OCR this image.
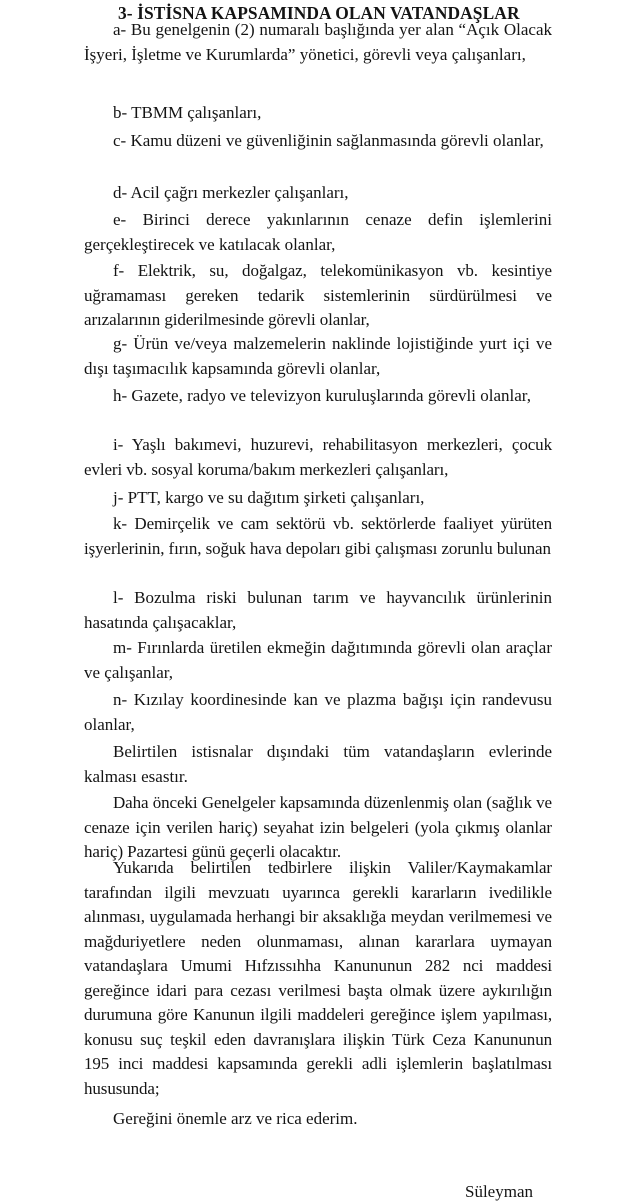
3- İSTİSNA KAPSAMINDA OLAN VATANDAŞLAR

a- Bu genelgenin (2) numaralı başlığında yer alan “Açık Olacak İşyeri, İşletme ve Kurumlarda” yönetici, görevli veya çalışanları,

b- TBMM çalışanları,

c- Kamu düzeni ve güvenliğinin sağlanmasında görevli olanlar,

d- Acil çağrı merkezler çalışanları,

e- Birinci derece yakınlarının cenaze defin işlemlerini gerçekleştirecek ve katılacak olanlar,

f- Elektrik, su, doğalgaz, telekomünikasyon vb. kesintiye uğramaması gereken tedarik sistemlerinin sürdürülmesi ve arızalarının giderilmesinde görevli olanlar,

g- Ürün ve/veya malzemelerin naklinde lojistiğinde yurt içi ve dışı taşımacılık kapsamında görevli olanlar,

h- Gazete, radyo ve televizyon kuruluşlarında görevli olanlar,

i- Yaşlı bakımevi, huzurevi, rehabilitasyon merkezleri, çocuk evleri vb. sosyal koruma/bakım merkezleri çalışanları,

j- PTT, kargo ve su dağıtım şirketi çalışanları,

k- Demirçelik ve cam sektörü vb. sektörlerde faaliyet yürüten işyerlerinin, fırın, soğuk hava depoları gibi çalışması zorunlu bulunan

l- Bozulma riski bulunan tarım ve hayvancılık ürünlerinin hasatında çalışacaklar,

m- Fırınlarda üretilen ekmeğin dağıtımında görevli olan araçlar ve çalışanlar,

n- Kızılay koordinesinde kan ve plazma bağışı için randevusu olanlar,

Belirtilen istisnalar dışındaki tüm vatandaşların evlerinde kalması esastır.

Daha önceki Genelgeler kapsamında düzenlenmiş olan (sağlık ve cenaze için verilen hariç) seyahat izin belgeleri (yola çıkmış olanlar hariç) Pazartesi günü geçerli olacaktır.

Yukarıda belirtilen tedbirlere ilişkin Valiler/Kaymakamlar tarafından ilgili mevzuatı uyarınca gerekli kararların ivedilikle alınması, uygulamada herhangi bir aksaklığa meydan verilmemesi ve mağduriyetlere neden olunmaması, alınan kararlara uymayan vatandaşlara Umumi Hıfzıssıhha Kanununun 282 nci maddesi gereğince idari para cezası verilmesi başta olmak üzere aykırılığın durumuna göre Kanunun ilgili maddeleri gereğince işlem yapılması, konusu suç teşkil eden davranışlara ilişkin Türk Ceza Kanununun 195 inci maddesi kapsamında gerekli adli işlemlerin başlatılması hususunda;

Gereğini önemle arz ve rica ederim.

Süleyman
